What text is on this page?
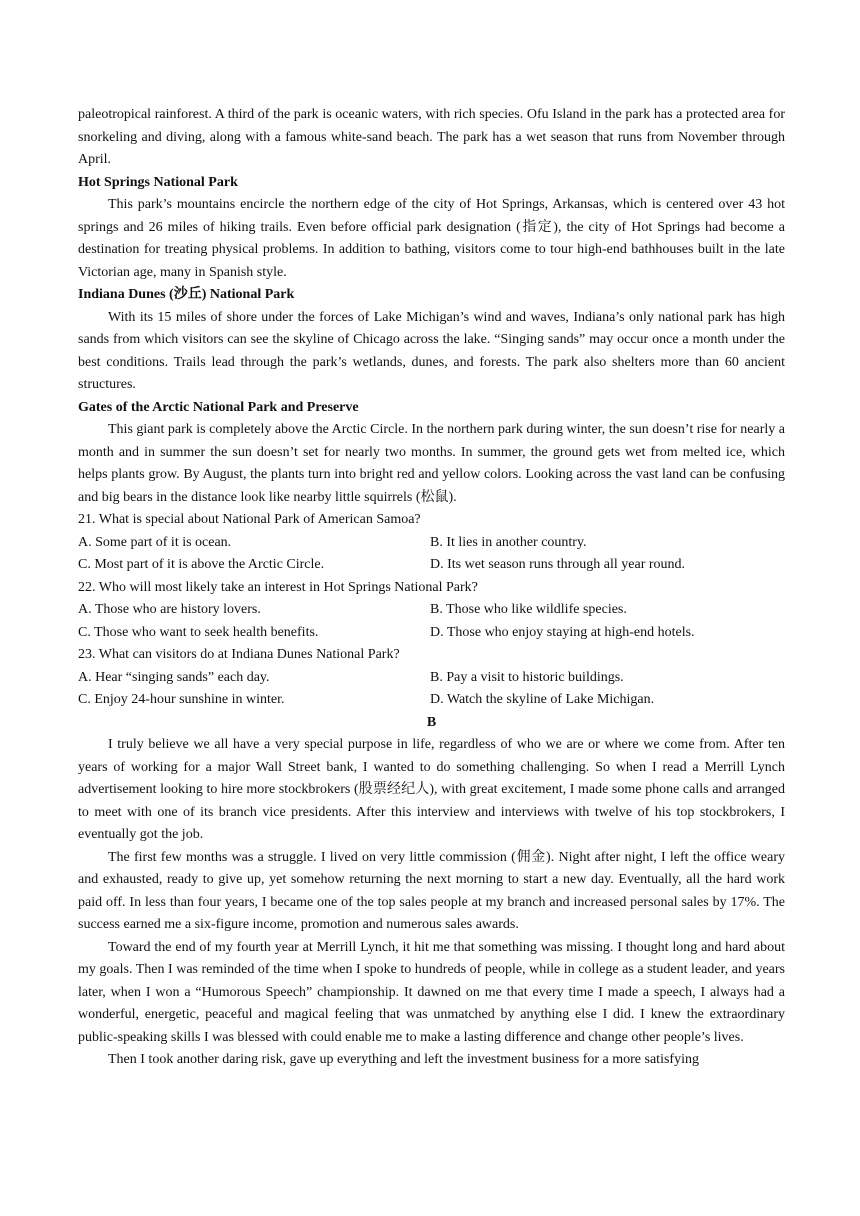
paleotropical rainforest. A third of the park is oceanic waters, with rich species. Ofu Island in the park has a protected area for snorkeling and diving, along with a famous white-sand beach. The park has a wet season that runs from November through April.

Hot Springs National Park

This park’s mountains encircle the northern edge of the city of Hot Springs, Arkansas, which is centered over 43 hot springs and 26 miles of hiking trails. Even before official park designation (指定), the city of Hot Springs had become a destination for treating physical problems. In addition to bathing, visitors come to tour high-end bathhouses built in the late Victorian age, many in Spanish style.

Indiana Dunes (沙丘) National Park

With its 15 miles of shore under the forces of Lake Michigan’s wind and waves, Indiana’s only national park has high sands from which visitors can see the skyline of Chicago across the lake. “Singing sands” may occur once a month under the best conditions. Trails lead through the park’s wetlands, dunes, and forests. The park also shelters more than 60 ancient structures.

Gates of the Arctic National Park and Preserve

This giant park is completely above the Arctic Circle. In the northern park during winter, the sun doesn’t rise for nearly a month and in summer the sun doesn’t set for nearly two months. In summer, the ground gets wet from melted ice, which helps plants grow. By August, the plants turn into bright red and yellow colors. Looking across the vast land can be confusing and big bears in the distance look like nearby little squirrels (松鼠).

21. What is special about National Park of American Samoa?

A. Some part of it is ocean.	B. It lies in another country.

C. Most part of it is above the Arctic Circle.	D. Its wet season runs through all year round.

22. Who will most likely take an interest in Hot Springs National Park?

A. Those who are history lovers.	B. Those who like wildlife species.

C. Those who want to seek health benefits.	D. Those who enjoy staying at high-end hotels.

23. What can visitors do at Indiana Dunes National Park?

A. Hear “singing sands” each day.	B. Pay a visit to historic buildings.

C. Enjoy 24-hour sunshine in winter.	D. Watch the skyline of Lake Michigan.

B

I truly believe we all have a very special purpose in life, regardless of who we are or where we come from. After ten years of working for a major Wall Street bank, I wanted to do something challenging. So when I read a Merrill Lynch advertisement looking to hire more stockbrokers (股票经纪人), with great excitement, I made some phone calls and arranged to meet with one of its branch vice presidents. After this interview and interviews with twelve of his top stockbrokers, I eventually got the job.

The first few months was a struggle. I lived on very little commission (佣金). Night after night, I left the office weary and exhausted, ready to give up, yet somehow returning the next morning to start a new day. Eventually, all the hard work paid off. In less than four years, I became one of the top sales people at my branch and increased personal sales by 17%. The success earned me a six-figure income, promotion and numerous sales awards.

Toward the end of my fourth year at Merrill Lynch, it hit me that something was missing. I thought long and hard about my goals. Then I was reminded of the time when I spoke to hundreds of people, while in college as a student leader, and years later, when I won a “Humorous Speech” championship. It dawned on me that every time I made a speech, I always had a wonderful, energetic, peaceful and magical feeling that was unmatched by anything else I did. I knew the extraordinary public-speaking skills I was blessed with could enable me to make a lasting difference and change other people’s lives.

Then I took another daring risk, gave up everything and left the investment business for a more satisfying
